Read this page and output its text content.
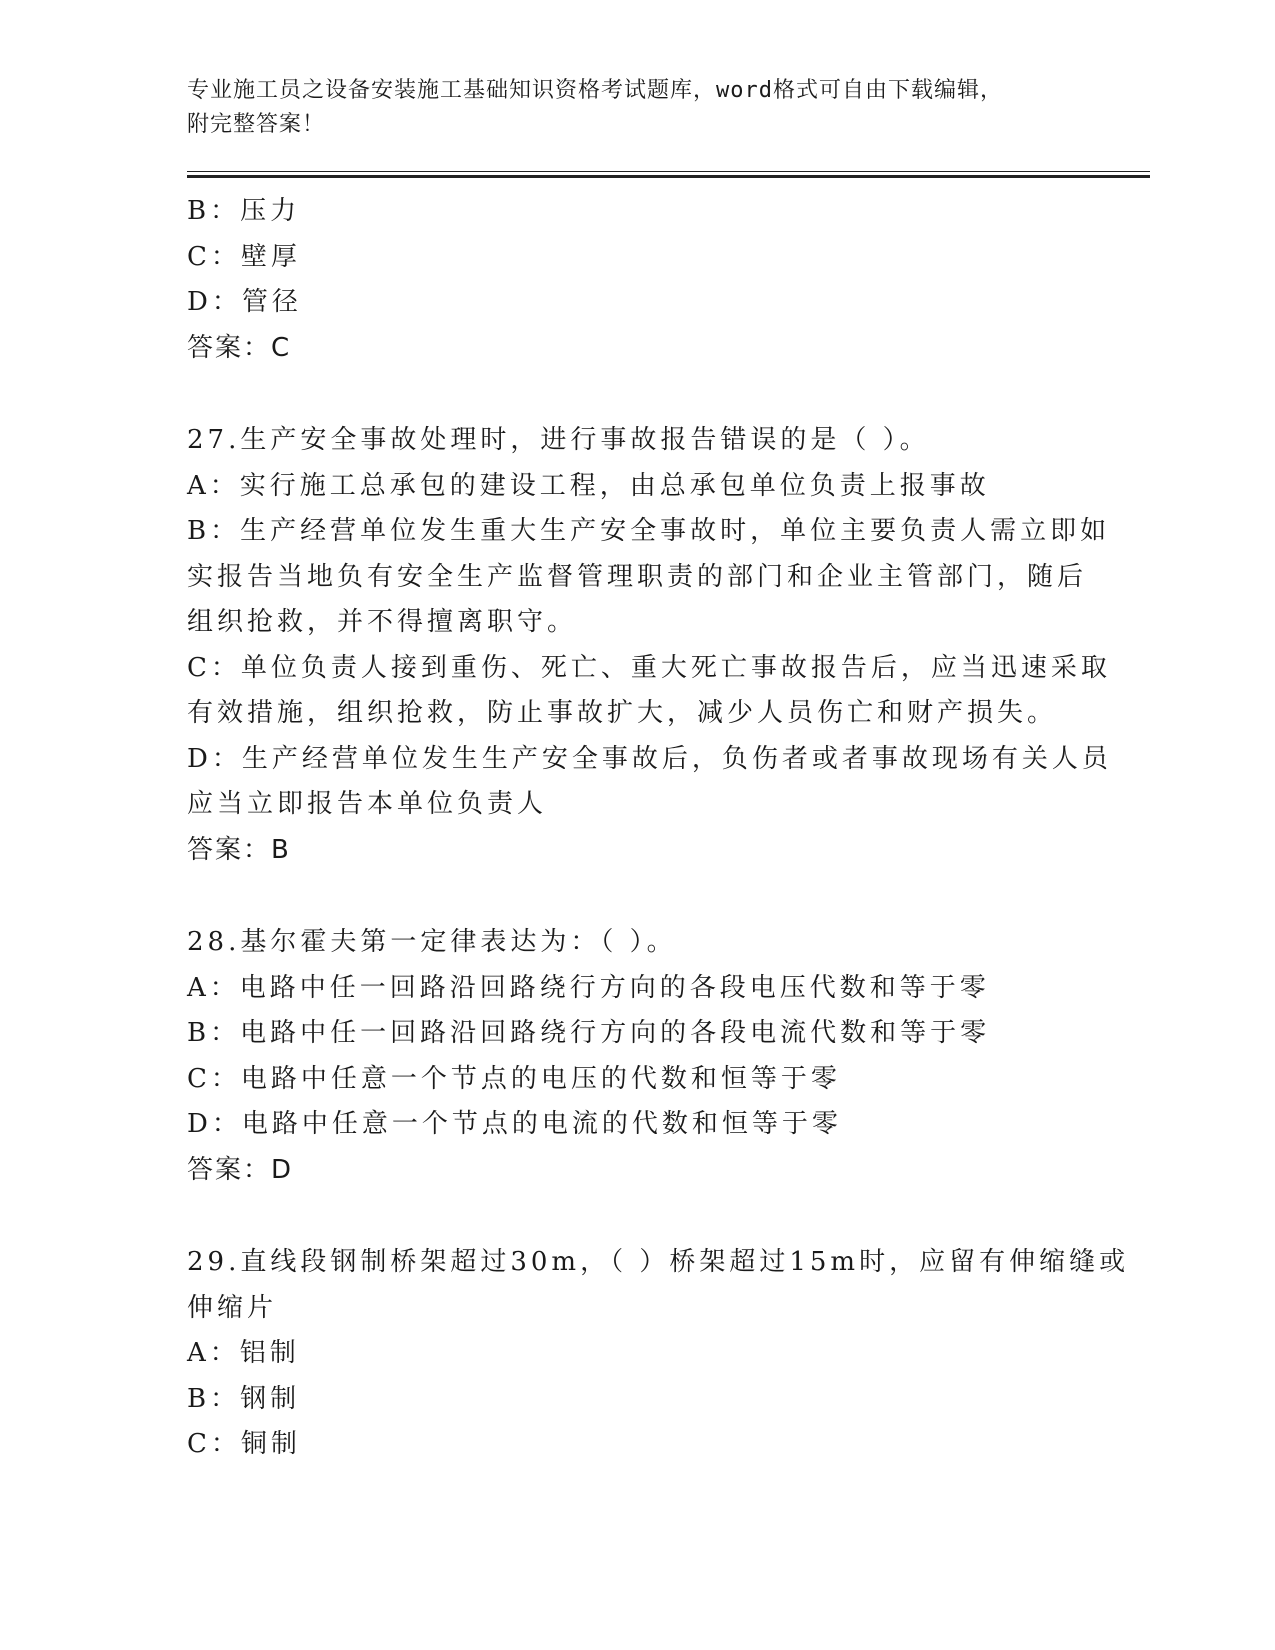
专业施工员之设备安装施工基础知识资格考试题库，word格式可自由下载编辑，
附完整答案！
B：压力
C：壁厚
D：管径
答案：C
27.生产安全事故处理时，进行事故报告错误的是（ ）。
A：实行施工总承包的建设工程，由总承包单位负责上报事故
B：生产经营单位发生重大生产安全事故时，单位主要负责人需立即如
实报告当地负有安全生产监督管理职责的部门和企业主管部门，随后
组织抢救，并不得擅离职守。
C：单位负责人接到重伤、死亡、重大死亡事故报告后，应当迅速采取
有效措施，组织抢救，防止事故扩大，减少人员伤亡和财产损失。
D：生产经营单位发生生产安全事故后，负伤者或者事故现场有关人员
应当立即报告本单位负责人
答案：B
28.基尔霍夫第一定律表达为：（ ）。
A：电路中任一回路沿回路绕行方向的各段电压代数和等于零
B：电路中任一回路沿回路绕行方向的各段电流代数和等于零
C：电路中任意一个节点的电压的代数和恒等于零
D：电路中任意一个节点的电流的代数和恒等于零
答案：D
29.直线段钢制桥架超过30m，（ ）桥架超过15m时，应留有伸缩缝或
伸缩片
A：铝制
B：钢制
C：铜制
